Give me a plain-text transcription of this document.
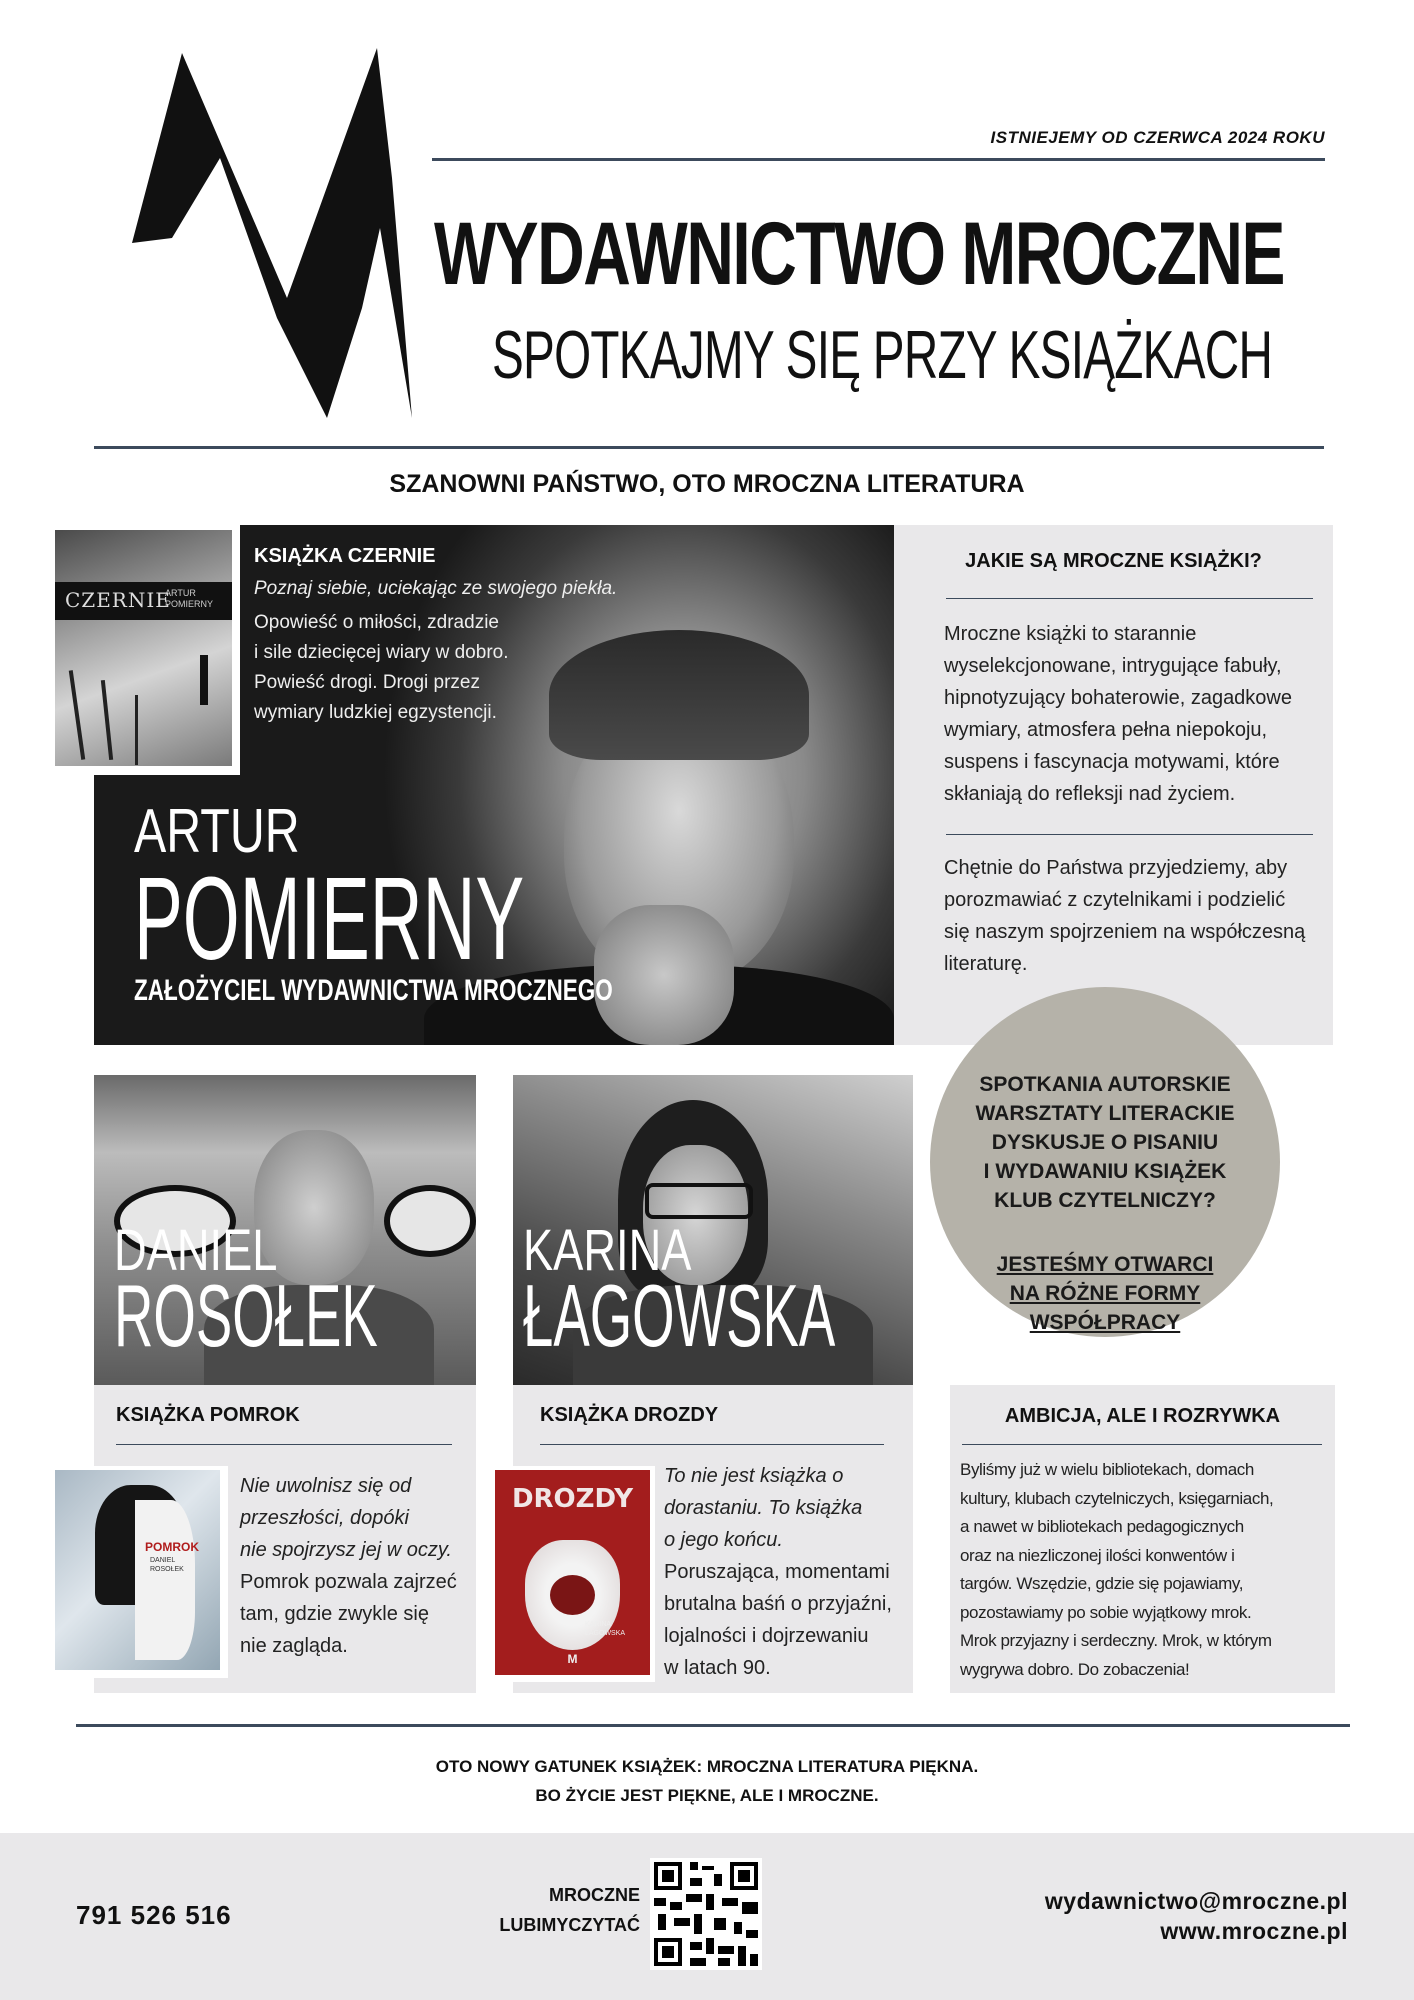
ISTNIEJEMY OD CZERWCA 2024 ROKU
WYDAWNICTWO MROCZNE
SPOTKAJMY SIĘ PRZY KSIĄŻKACH
SZANOWNI PAŃSTWO, OTO MROCZNA LITERATURA
CZERNIE
ARTUR POMIERNY
KSIĄŻKA CZERNIE
Poznaj siebie, uciekając ze swojego piekła.
Opowieść o miłości, zdradzie
i sile dziecięcej wiary w dobro.
Powieść drogi. Drogi przez
wymiary ludzkiej egzystencji.
ARTUR
POMIERNY
ZAŁOŻYCIEL WYDAWNICTWA MROCZNEGO
JAKIE SĄ MROCZNE KSIĄŻKI?
Mroczne książki to starannie
wyselekcjonowane, intrygujące fabuły,
hipnotyzujący bohaterowie, zagadkowe
wymiary, atmosfera pełna niepokoju,
suspens i fascynacja motywami, które
skłaniają do refleksji nad życiem.
Chętnie do Państwa przyjedziemy, aby
porozmawiać z czytelnikami i podzielić
się naszym spojrzeniem na współczesną
literaturę.
SPOTKANIA AUTORSKIE
WARSZTATY LITERACKIE
DYSKUSJE O PISANIU
I WYDAWANIU KSIĄŻEK
KLUB CZYTELNICZY?
JESTEŚMY OTWARCI
NA RÓŻNE FORMY
WSPÓŁPRACY
DANIEL
ROSOŁEK
KSIĄŻKA POMROK
POMROK
DANIEL ROSOŁEK
Nie uwolnisz się od
przeszłości, dopóki
nie spojrzysz jej w oczy.
Pomrok pozwala zajrzeć
tam, gdzie zwykle się
nie zagląda.
KARINA
ŁAGOWSKA
KSIĄŻKA DROZDY
DROZDY
KARINA ŁAGOWSKA
M
To nie jest książka o
dorastaniu. To książka
o jego końcu.
Poruszająca, momentami
brutalna baśń o przyjaźni,
lojalności i dojrzewaniu
w latach 90.
AMBICJA, ALE I ROZRYWKA
Byliśmy już w wielu bibliotekach, domach
kultury, klubach czytelniczych, księgarniach,
a nawet w bibliotekach pedagogicznych
oraz na niezliczonej ilości konwentów i
targów. Wszędzie, gdzie się pojawiamy,
pozostawiamy po sobie wyjątkowy mrok.
Mrok przyjazny i serdeczny. Mrok, w którym
wygrywa dobro. Do zobaczenia!
OTO NOWY GATUNEK KSIĄŻEK: MROCZNA LITERATURA PIĘKNA.
BO ŻYCIE JEST PIĘKNE, ALE I MROCZNE.
791 526 516
MROCZNE
LUBIMYCZYTAĆ
wydawnictwo@mroczne.pl
www.mroczne.pl
